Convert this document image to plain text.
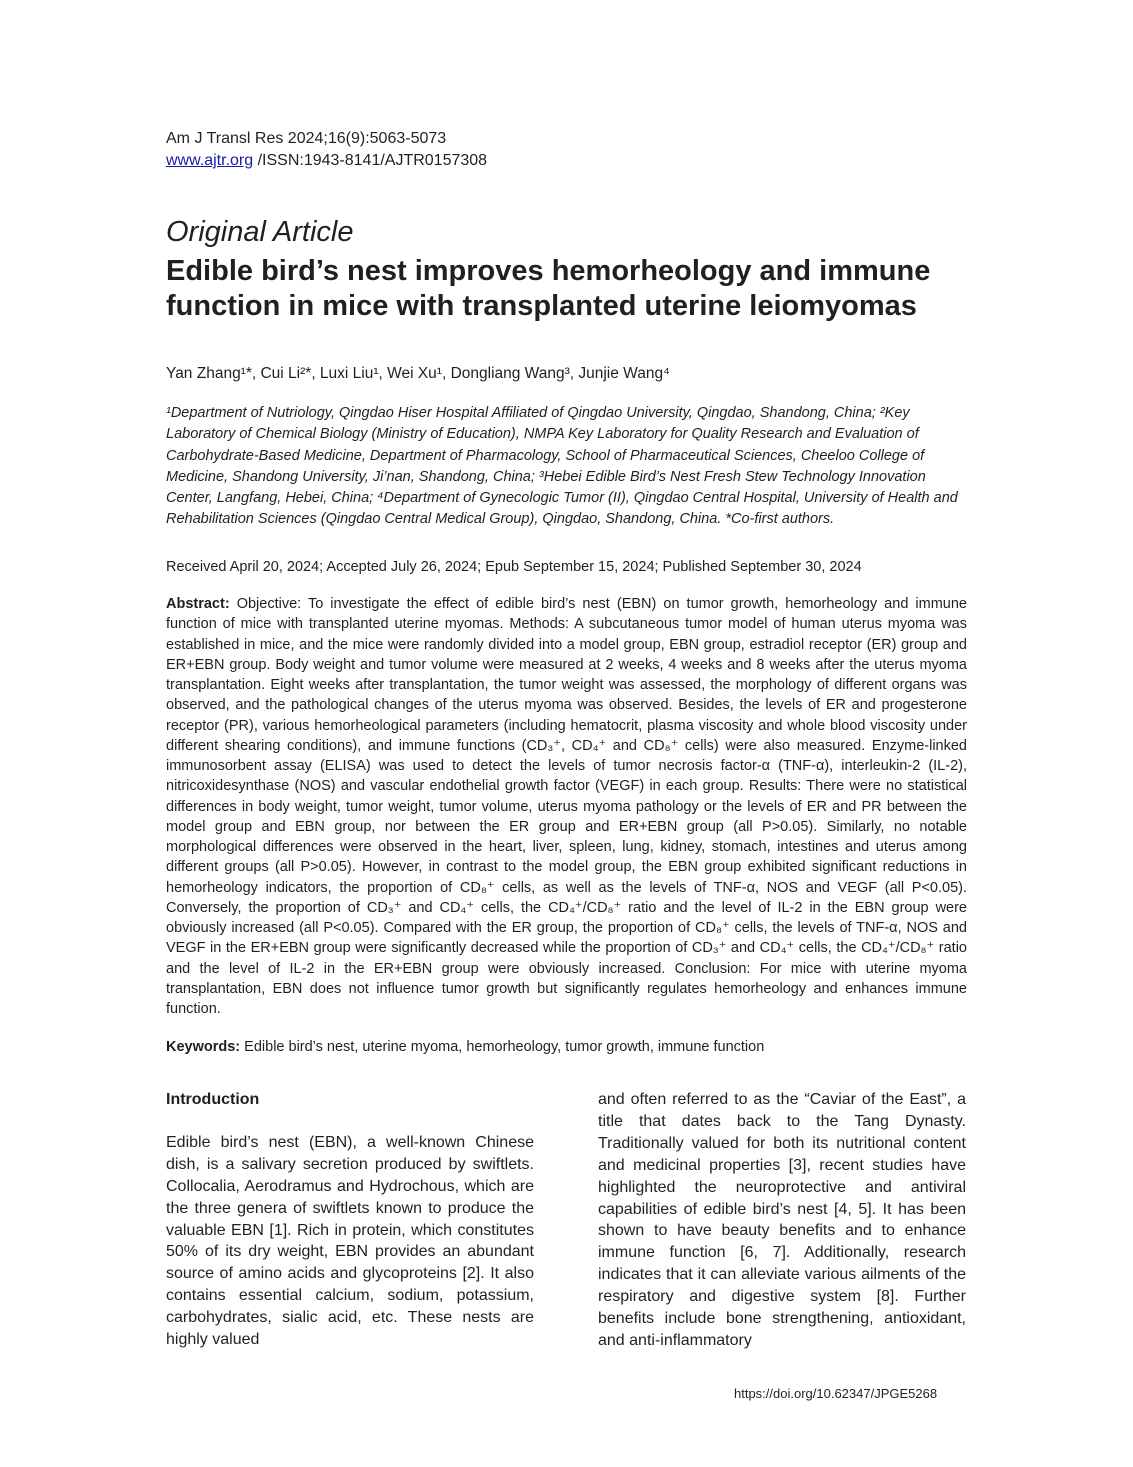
Am J Transl Res 2024;16(9):5063-5073
www.ajtr.org /ISSN:1943-8141/AJTR0157308
Original Article
Edible bird’s nest improves hemorheology and immune function in mice with transplanted uterine leiomyomas
Yan Zhang¹*, Cui Li²*, Luxi Liu¹, Wei Xu¹, Dongliang Wang³, Junjie Wang⁴
¹Department of Nutriology, Qingdao Hiser Hospital Affiliated of Qingdao University, Qingdao, Shandong, China; ²Key Laboratory of Chemical Biology (Ministry of Education), NMPA Key Laboratory for Quality Research and Evaluation of Carbohydrate-Based Medicine, Department of Pharmacology, School of Pharmaceutical Sciences, Cheeloo College of Medicine, Shandong University, Ji’nan, Shandong, China; ³Hebei Edible Bird’s Nest Fresh Stew Technology Innovation Center, Langfang, Hebei, China; ⁴Department of Gynecologic Tumor (II), Qingdao Central Hospital, University of Health and Rehabilitation Sciences (Qingdao Central Medical Group), Qingdao, Shandong, China. *Co-first authors.
Received April 20, 2024; Accepted July 26, 2024; Epub September 15, 2024; Published September 30, 2024
Abstract: Objective: To investigate the effect of edible bird’s nest (EBN) on tumor growth, hemorheology and immune function of mice with transplanted uterine myomas. Methods: A subcutaneous tumor model of human uterus myoma was established in mice, and the mice were randomly divided into a model group, EBN group, estradiol receptor (ER) group and ER+EBN group. Body weight and tumor volume were measured at 2 weeks, 4 weeks and 8 weeks after the uterus myoma transplantation. Eight weeks after transplantation, the tumor weight was assessed, the morphology of different organs was observed, and the pathological changes of the uterus myoma was observed. Besides, the levels of ER and progesterone receptor (PR), various hemorheological parameters (including hematocrit, plasma viscosity and whole blood viscosity under different shearing conditions), and immune functions (CD₃⁺, CD₄⁺ and CD₈⁺ cells) were also measured. Enzyme-linked immunosorbent assay (ELISA) was used to detect the levels of tumor necrosis factor-α (TNF-α), interleukin-2 (IL-2), nitricoxidesynthase (NOS) and vascular endothelial growth factor (VEGF) in each group. Results: There were no statistical differences in body weight, tumor weight, tumor volume, uterus myoma pathology or the levels of ER and PR between the model group and EBN group, nor between the ER group and ER+EBN group (all P>0.05). Similarly, no notable morphological differences were observed in the heart, liver, spleen, lung, kidney, stomach, intestines and uterus among different groups (all P>0.05). However, in contrast to the model group, the EBN group exhibited significant reductions in hemorheology indicators, the proportion of CD₈⁺ cells, as well as the levels of TNF-α, NOS and VEGF (all P<0.05). Conversely, the proportion of CD₃⁺ and CD₄⁺ cells, the CD₄⁺/CD₈⁺ ratio and the level of IL-2 in the EBN group were obviously increased (all P<0.05). Compared with the ER group, the proportion of CD₈⁺ cells, the levels of TNF-α, NOS and VEGF in the ER+EBN group were significantly decreased while the proportion of CD₃⁺ and CD₄⁺ cells, the CD₄⁺/CD₈⁺ ratio and the level of IL-2 in the ER+EBN group were obviously increased. Conclusion: For mice with uterine myoma transplantation, EBN does not influence tumor growth but significantly regulates hemorheology and enhances immune function.
Keywords: Edible bird’s nest, uterine myoma, hemorheology, tumor growth, immune function
Introduction
Edible bird’s nest (EBN), a well-known Chinese dish, is a salivary secretion produced by swiftlets. Collocalia, Aerodramus and Hydrochous, which are the three genera of swiftlets known to produce the valuable EBN [1]. Rich in protein, which constitutes 50% of its dry weight, EBN provides an abundant source of amino acids and glycoproteins [2]. It also contains essential calcium, sodium, potassium, carbohydrates, sialic acid, etc. These nests are highly valued
and often referred to as the “Caviar of the East”, a title that dates back to the Tang Dynasty. Traditionally valued for both its nutritional content and medicinal properties [3], recent studies have highlighted the neuroprotective and antiviral capabilities of edible bird’s nest [4, 5]. It has been shown to have beauty benefits and to enhance immune function [6, 7]. Additionally, research indicates that it can alleviate various ailments of the respiratory and digestive system [8]. Further benefits include bone strengthening, antioxidant, and anti-inflammatory
https://doi.org/10.62347/JPGE5268
